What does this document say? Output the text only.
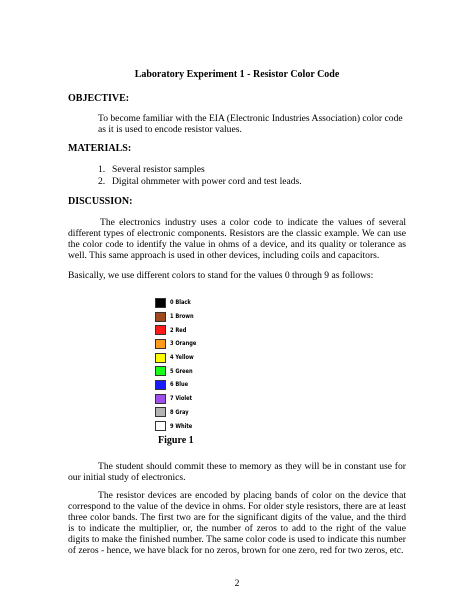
Laboratory Experiment 1 - Resistor Color Code
OBJECTIVE:
To become familiar with the EIA (Electronic Industries Association) color code as it is used to encode resistor values.
MATERIALS:
1. Several resistor samples
2. Digital ohmmeter with power cord and test leads.
DISCUSSION:
The electronics industry uses a color code to indicate the values of several different types of electronic components. Resistors are the classic example. We can use the color code to identify the value in ohms of a device, and its quality or tolerance as well. This same approach is used in other devices, including coils and capacitors.
Basically, we use different colors to stand for the values 0 through 9 as follows:
0 Black
1 Brown
2 Red
3 Orange
4 Yellow
5 Green
6 Blue
7 Violet
8 Gray
9 White
Figure 1
The student should commit these to memory as they will be in constant use for our initial study of electronics.
The resistor devices are encoded by placing bands of color on the device that correspond to the value of the device in ohms. For older style resistors, there are at least three color bands. The first two are for the significant digits of the value, and the third is to indicate the multiplier, or, the number of zeros to add to the right of the value digits to make the finished number. The same color code is used to indicate this number of zeros - hence, we have black for no zeros, brown for one zero, red for two zeros, etc.
2
